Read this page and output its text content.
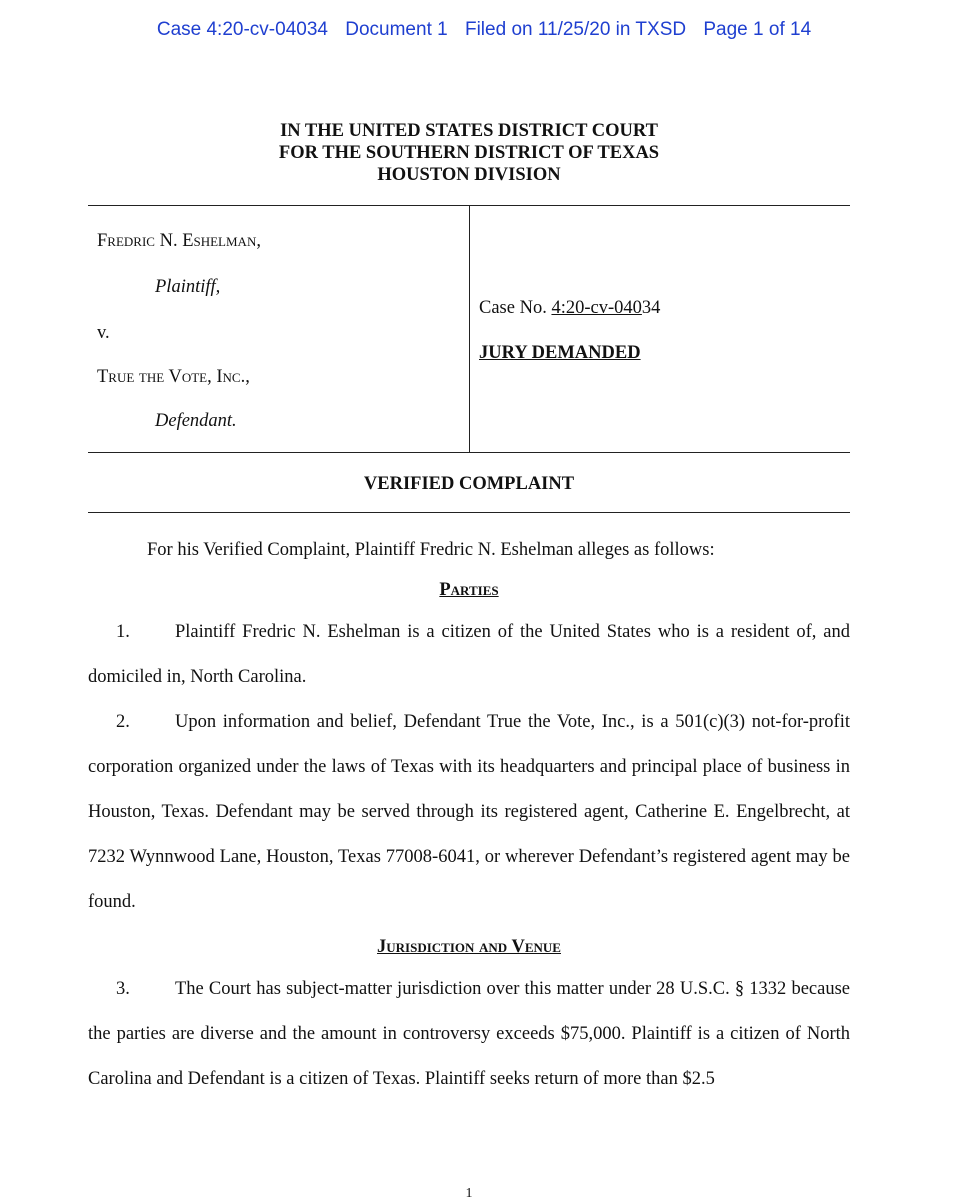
Case 4:20-cv-04034 Document 1 Filed on 11/25/20 in TXSD Page 1 of 14
IN THE UNITED STATES DISTRICT COURT
FOR THE SOUTHERN DISTRICT OF TEXAS
HOUSTON DIVISION
Fredric N. Eshelman,
Plaintiff,
v.
True the Vote, Inc.,
Defendant.
Case No. 4:20-cv-04034
JURY DEMANDED
VERIFIED COMPLAINT
For his Verified Complaint, Plaintiff Fredric N. Eshelman alleges as follows:
Parties
1. Plaintiff Fredric N. Eshelman is a citizen of the United States who is a resident of, and domiciled in, North Carolina.
2. Upon information and belief, Defendant True the Vote, Inc., is a 501(c)(3) not-for-profit corporation organized under the laws of Texas with its headquarters and principal place of business in Houston, Texas. Defendant may be served through its registered agent, Catherine E. Engelbrecht, at 7232 Wynnwood Lane, Houston, Texas 77008-6041, or wherever Defendant’s registered agent may be found.
Jurisdiction and Venue
3. The Court has subject-matter jurisdiction over this matter under 28 U.S.C. § 1332 because the parties are diverse and the amount in controversy exceeds $75,000. Plaintiff is a citizen of North Carolina and Defendant is a citizen of Texas. Plaintiff seeks return of more than $2.5
1
